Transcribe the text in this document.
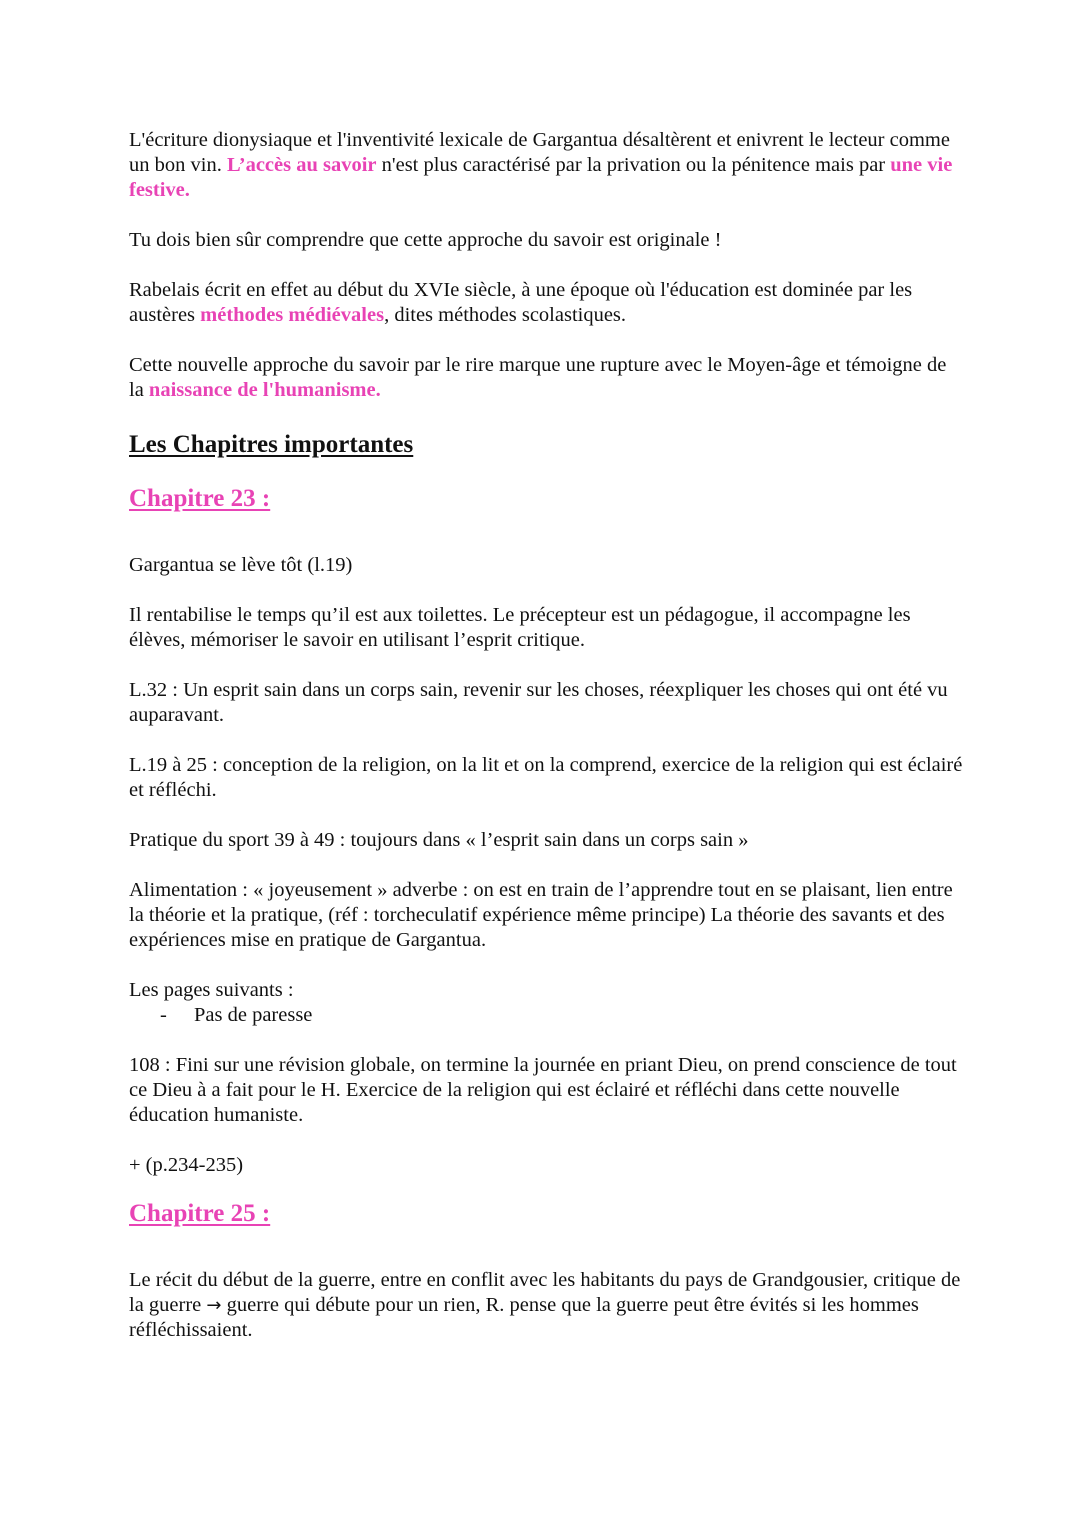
L'écriture dionysiaque et l'inventivité lexicale de Gargantua désaltèrent et enivrent le lecteur comme un bon vin. L’accès au savoir n'est plus caractérisé par la privation ou la pénitence mais par une vie festive.

Tu dois bien sûr comprendre que cette approche du savoir est originale !

Rabelais écrit en effet au début du XVIe siècle, à une époque où l'éducation est dominée par les austères méthodes médiévales, dites méthodes scolastiques.

Cette nouvelle approche du savoir par le rire marque une rupture avec le Moyen-âge et témoigne de la naissance de l'humanisme.

Les Chapitres importantes
Chapitre 23 :

Gargantua se lève tôt (l.19)

Il rentabilise le temps qu’il est aux toilettes. Le précepteur est un pédagogue, il accompagne les élèves, mémoriser le savoir en utilisant l’esprit critique.

L.32 : Un esprit sain dans un corps sain, revenir sur les choses, réexpliquer les choses qui ont été vu auparavant.

L.19 à 25 : conception de la religion, on la lit et on la comprend, exercice de la religion qui est éclairé et réfléchi.

Pratique du sport 39 à 49 : toujours dans « l’esprit sain dans un corps sain »

Alimentation : « joyeusement » adverbe : on est en train de l’apprendre tout en se plaisant, lien entre la théorie et la pratique, (réf : torcheculatif expérience même principe) La théorie des savants et des expériences mise en pratique de Gargantua.

Les pages suivants :

-	Pas de paresse

108 : Fini sur une révision globale, on termine la journée en priant Dieu, on prend conscience de tout ce Dieu à a fait pour le H. Exercice de la religion qui est éclairé et réfléchi dans cette nouvelle éducation humaniste.

+ (p.234-235)

Chapitre 25 :

Le récit du début de la guerre, entre en conflit avec les habitants du pays de Grandgousier, critique de la guerre → guerre qui débute pour un rien, R. pense que la guerre peut être évités si les hommes réfléchissaient.
